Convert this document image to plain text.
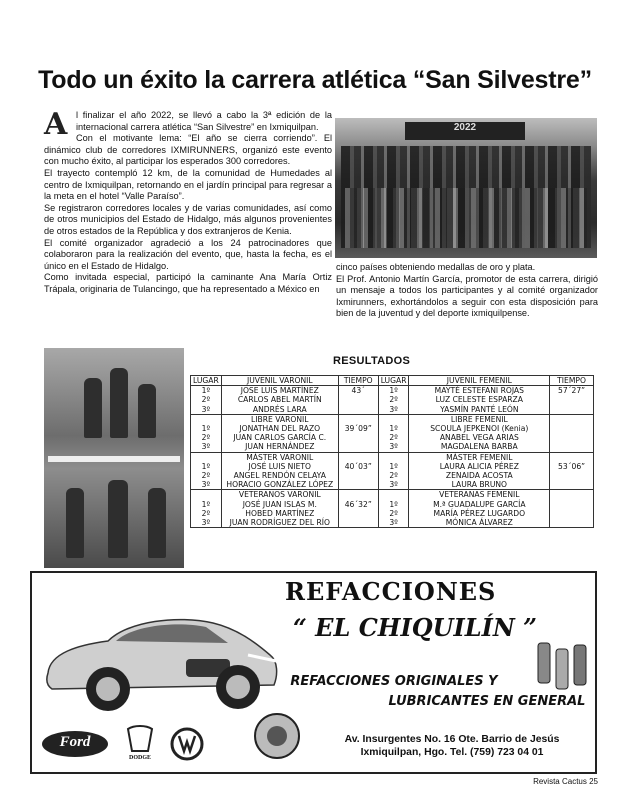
Todo un éxito la carrera atlética “San Silvestre”
A l finalizar el año 2022, se llevó a cabo la 3ª edición de la internacional carrera atlética “San Silvestre” en Ixmiquilpan.

Con el motivante lema: “El año se cierra corriendo”. El dinámico club de corredores IXMIRUNNERS, organizó este evento con mucho éxito, al participar los esperados 300 corredores.

El trayecto contempló 12 km, de la comunidad de Humedades al centro de Ixmiquilpan, retornando en el jardín principal para regresar a la meta en el hotel “Valle Paraíso”.

Se registraron corredores locales y de varias comunidades, así como de otros municipios del Estado de Hidalgo, más algunos provenientes de otros estados de la República y dos extranjeros de Kenia.

El comité organizador agradeció a los 24 patrocinadores que colaboraron para la realización del evento, que, hasta la fecha, es el único en el Estado de Hidalgo.

Como invitada especial, participó la caminante Ana María Ortiz Trápala, originaria de Tulancingo, que ha representado a México en

2022

cinco países obteniendo medallas de oro y plata.

El Prof. Antonio Martín García, promotor de esta carrera, dirigió un mensaje a todos los participantes y al comité organizador Ixmirunners, exhortándolos a seguir con esta disposición para bien de la juventud y del deporte ixmiquilpense.

RESULTADOS
LUGAR	JUVENIL VARONIL	TIEMPO	LUGAR	JUVENIL FEMENIL	TIEMPO
1º	JOSE LUIS MARTÍNEZ	43´	1º	MAYTÉ ESTEFANI ROJAS	57´27”
2º	CARLOS ABEL MARTÍN		2º	LUZ CELESTE ESPARZA	
3º	ANDRÉS LARA		3º	YASMÍN PANTÉ LEÓN	
	LIBRE VARONIL			LIBRE FEMENIL	
1º	JONATHAN DEL RAZO	39´09”	1º	SCOULA JEPKENOI (Kenia)	
2º	JUAN CARLOS GARCÍA C.		2º	ANABEL VEGA ARIAS	
3º	JUAN HERNÁNDEZ		3º	MAGDALENA BARBA	
	MÁSTER VARONIL			MÁSTER FEMENIL	
1º	JOSÉ LUIS NIETO	40´03”	1º	LAURA ALICIA PÉREZ	53´06”
2º	ANGEL RENDÓN CELAYA		2º	ZENAIDA ACOSTA	
3º	HORACIO GONZÁLEZ LÓPEZ		3º	LAURA BRUNO	
	VETERANOS VARONIL			VETERANAS FEMENIL	
1º	JOSÉ JUAN ISLAS M.	46´32”	1º	M.ª GUADALUPE GARCÍA	
2º	HOBED MARTÍNEZ		2º	MARÍA PÉREZ LUGARDO	
3º	JUAN RODRÍGUEZ DEL RÍO		3º	MÓNICA ÁLVAREZ	
REFACCIONES
“ EL CHIQUILÍN ”
REFACCIONES ORIGINALES Y
LUBRICANTES EN GENERAL
Ford
DODGE
Av. Insurgentes No. 16 Ote. Barrio de Jesús
Ixmiquilpan, Hgo. Tel. (759) 723 04 01
Revista Cactus 25
